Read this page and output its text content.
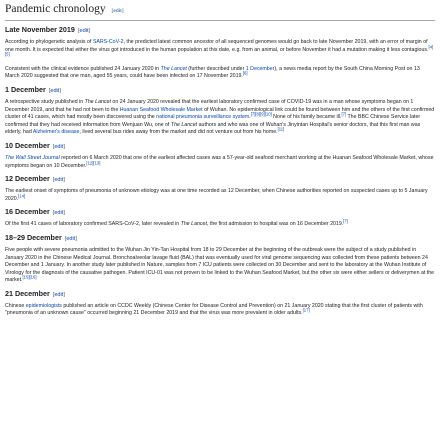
Pandemic chronology [edit]
Late November 2019 [edit]

According to phylogenetic analysis of SARS-CoV-2, the predicted latest common ancestor of all sequenced genomes would go back to late November 2019, with an error of margin of one month. It is expected that either the virus got introduced in the human population at this date, e.g. from an animal, or before November it had a mutation making it less contagious.[4][5]

Consistent with the clinical evidence published 24 January 2020 in The Lancet (further described under 1 December), a news media report by the South China Morning Post on 13 March 2020 suggested that one man, aged 55 years, could have been infected on 17 November 2019.[6]

1 December [edit]

A retrospective study published in The Lancet on 24 January 2020 revealed that the earliest laboratory confirmed case of COVID-19 was in a man whose symptoms began on 1 December 2019, and that he had not been to the Huanan Seafood Wholesale Market of Wuhan. No epidemiological link could be found between him and the others of the first confirmed cluster of 41 cases, which had mostly been discovered using the national pneumonia surveillance system.[7][8][9][10] None of his family became ill.[7] The BBC Chinese Service later confirmed that they had received information from Wenjuan Wu, one of The Lancet authors and who was one of Wuhan's Jinyintan Hospital's senior doctors, that this first man was elderly, had Alzheimer's disease, lived several bus rides away from the market and did not venture out from his home.[11]

10 December [edit]

The Wall Street Journal reported on 6 March 2020 that one of the earliest affected cases was a 57-year-old seafood merchant working at the Huanan Seafood Wholesale Market, whose symptoms began on 10 December.[12][13]

12 December [edit]

The earliest onset of symptoms of pneumonia of unknown etiology was at one time recorded as 12 December, when Chinese authorities reported on suspected cases up to 5 January 2020.[14]

16 December [edit]

Of the first 41 cases of laboratory confirmed SARS-CoV-2, later revealed in The Lancet, the first admission to hospital was on 16 December 2019.[7]

18–29 December [edit]

Five people with severe pneumonia admitted to the Wuhan Jin Yin-Tan Hospital from 18 to 29 December at the beginning of the outbreak were the subject of a study published in January 2020 in the Chinese Medical Journal. Bronchoalveolar lavage fluid (BAL) that was eventually used for viral genome sequencing was collected from these patients between 24 December and 1 January. In another study later published in Nature, samples from 7 ICU patients were collected on 30 December and sent to the laboratory at the Wuhan Institute of Virology for the diagnosis of the causative pathogen. Patient ICU-01 was not proven to be linked to the Wuhan Seafood Market, but the other six were either sellers or deliverymen at the market.[15][16]

21 December [edit]

Chinese epidemiologists published an article on CCDC Weekly (Chinese Center for Disease Control and Prevention) on 21 January 2020 stating that the first cluster of patients with "pneumonia of an unknown cause" occurred beginning 21 December 2019 and that the virus was more prevalent in older adults.[17]
